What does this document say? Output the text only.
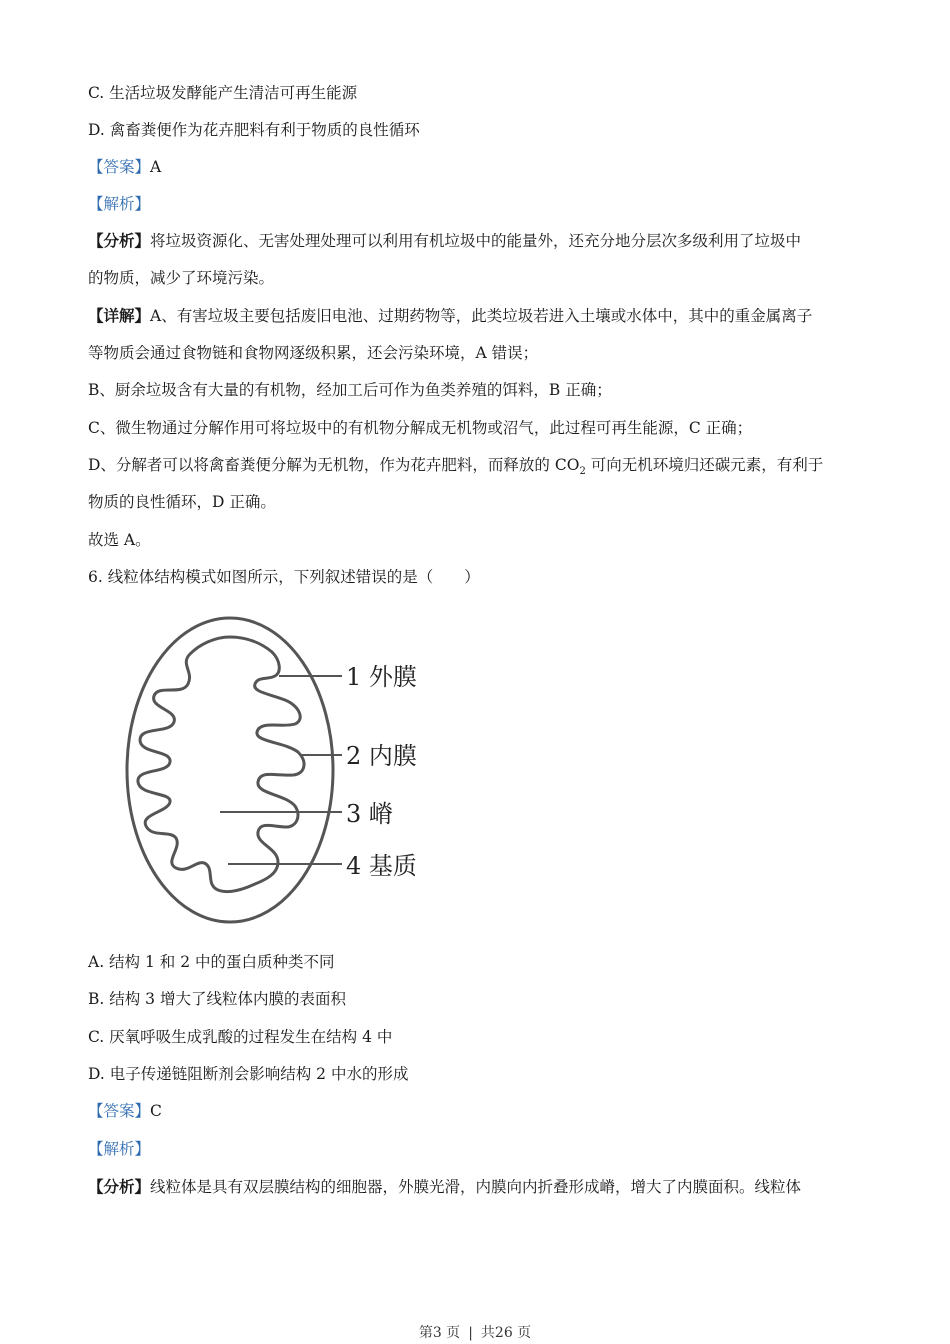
C. 生活垃圾发酵能产生清洁可再生能源
D. 禽畜粪便作为花卉肥料有利于物质的良性循环
【答案】A
【解析】
【分析】将垃圾资源化、无害处理处理可以利用有机垃圾中的能量外，还充分地分层次多级利用了垃圾中
的物质，减少了环境污染。
【详解】A、有害垃圾主要包括废旧电池、过期药物等，此类垃圾若进入土壤或水体中，其中的重金属离子
等物质会通过食物链和食物网逐级积累，还会污染环境，A 错误；
B、厨余垃圾含有大量的有机物，经加工后可作为鱼类养殖的饵料，B 正确；
C、微生物通过分解作用可将垃圾中的有机物分解成无机物或沼气，此过程可再生能源，C 正确；
D、分解者可以将禽畜粪便分解为无机物，作为花卉肥料，而释放的 $CO_2$ 可向无机环境归还碳元素，有利于
物质的良性循环，D 正确。
故选 A。
6. 线粒体结构模式如图所示，下列叙述错误的是（　　）
1 外膜
2 内膜
3 嵴
4 基质
A. 结构 1 和 2 中的蛋白质种类不同
B. 结构 3 增大了线粒体内膜的表面积
C. 厌氧呼吸生成乳酸的过程发生在结构 4 中
D. 电子传递链阻断剂会影响结构 2 中水的形成
【答案】C
【解析】
【分析】线粒体是具有双层膜结构的细胞器，外膜光滑，内膜向内折叠形成嵴，增大了内膜面积。线粒体
第3 页 | 共26 页
